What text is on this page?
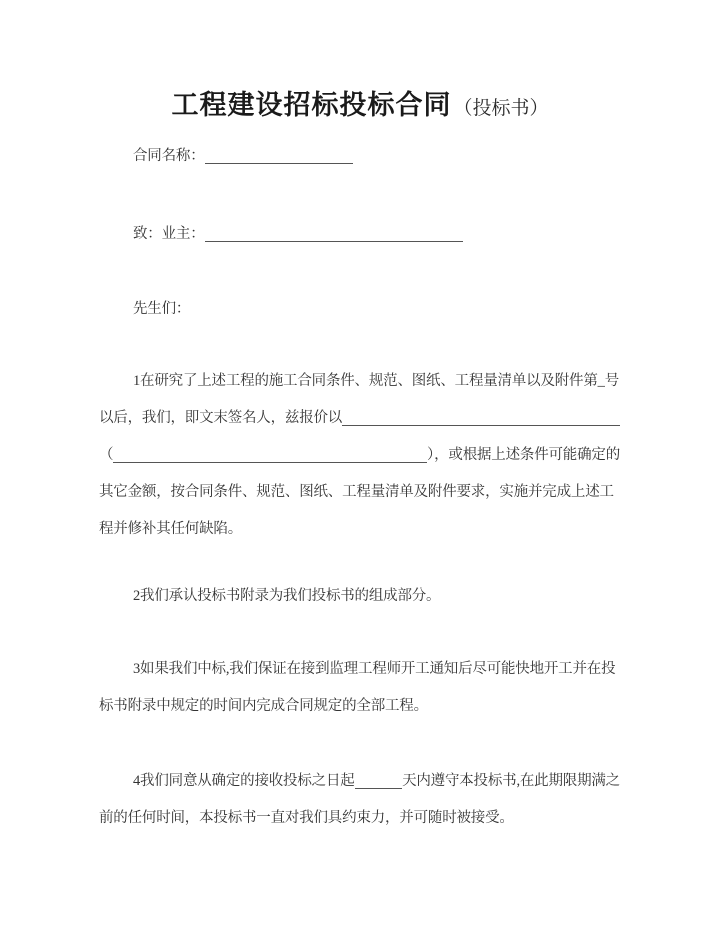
工程建设招标投标合同 （投标书）
合同名称：
致：业主：
先生们：
1在研究了上述工程的施工合同条件、规范、图纸、工程量清单以及附件第_号
以后，我们，即文末签名人，兹报价以
（	），或根据上述条件可能确定的
其它金额，按合同条件、规范、图纸、工程量清单及附件要求，实施并完成上述工
程并修补其任何缺陷。
2我们承认投标书附录为我们投标书的组成部分。
3如果我们中标,我们保证在接到监理工程师开工通知后尽可能快地开工并在投
标书附录中规定的时间内完成合同规定的全部工程。
4我们同意从确定的接收投标之日起	天内遵守本投标书,在此期限期满之
前的任何时间，本投标书一直对我们具约束力，并可随时被接受。
